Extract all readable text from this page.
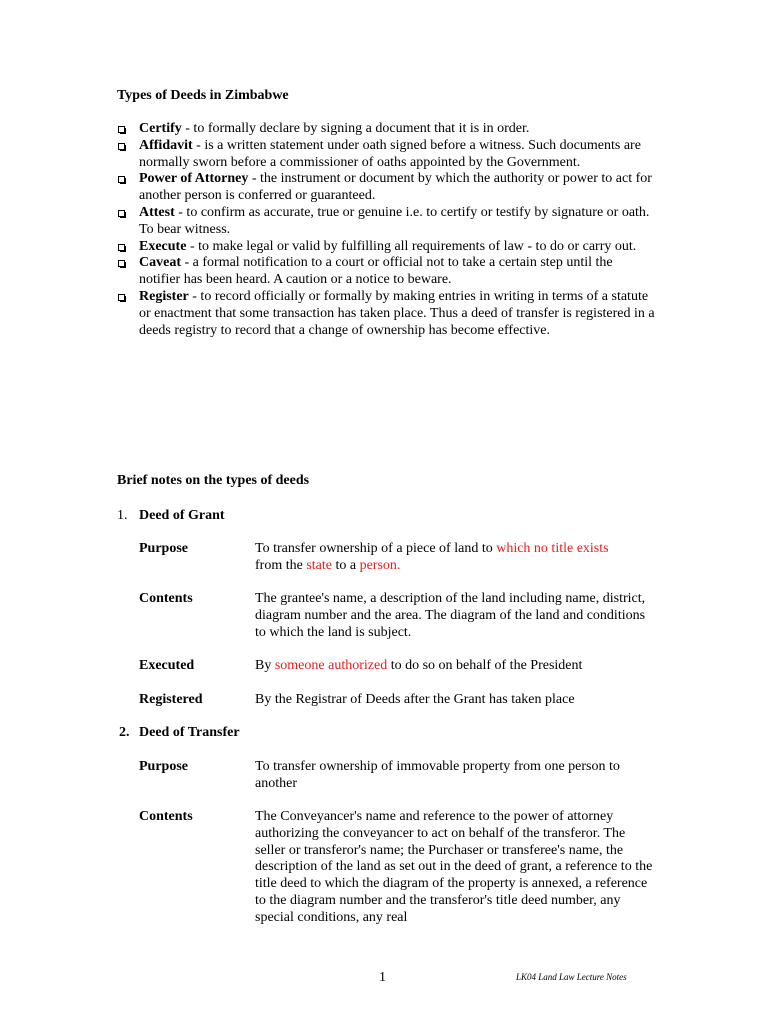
Types of Deeds in Zimbabwe
Certify - to formally declare by signing a document that it is in order.
Affidavit - is a written statement under oath signed before a witness. Such documents are normally sworn before a commissioner of oaths appointed by the Government.
Power of Attorney - the instrument or document by which the authority or power to act for another person is conferred or guaranteed.
Attest - to confirm as accurate, true or genuine i.e. to certify or testify by signature or oath. To bear witness.
Execute - to make legal or valid by fulfilling all requirements of law - to do or carry out.
Caveat - a formal notification to a court or official not to take a certain step until the notifier has been heard. A caution or a notice to beware.
Register - to record officially or formally by making entries in writing in terms of a statute or enactment that some transaction has taken place. Thus a deed of transfer is registered in a deeds registry to record that a change of ownership has become effective.
Brief notes on the types of deeds
1. Deed of Grant
Purpose	To transfer ownership of a piece of land to which no title exists
from the state to a person.
Contents	The grantee's name, a description of the land including name, district, diagram number and the area. The diagram of the land and conditions to which the land is subject.
Executed	By someone authorized to do so on behalf of the President
Registered	By the Registrar of Deeds after the Grant has taken place
2. Deed of Transfer
Purpose	To transfer ownership of immovable property from one person to another
Contents	The Conveyancer's name and reference to the power of attorney authorizing the conveyancer to act on behalf of the transferor. The seller or transferor's name; the Purchaser or transferee's name, the description of the land as set out in the deed of grant, a reference to the title deed to which the diagram of the property is annexed, a reference to the diagram number and the transferor's title deed number, any special conditions, any real
1	LK04 Land Law Lecture Notes
